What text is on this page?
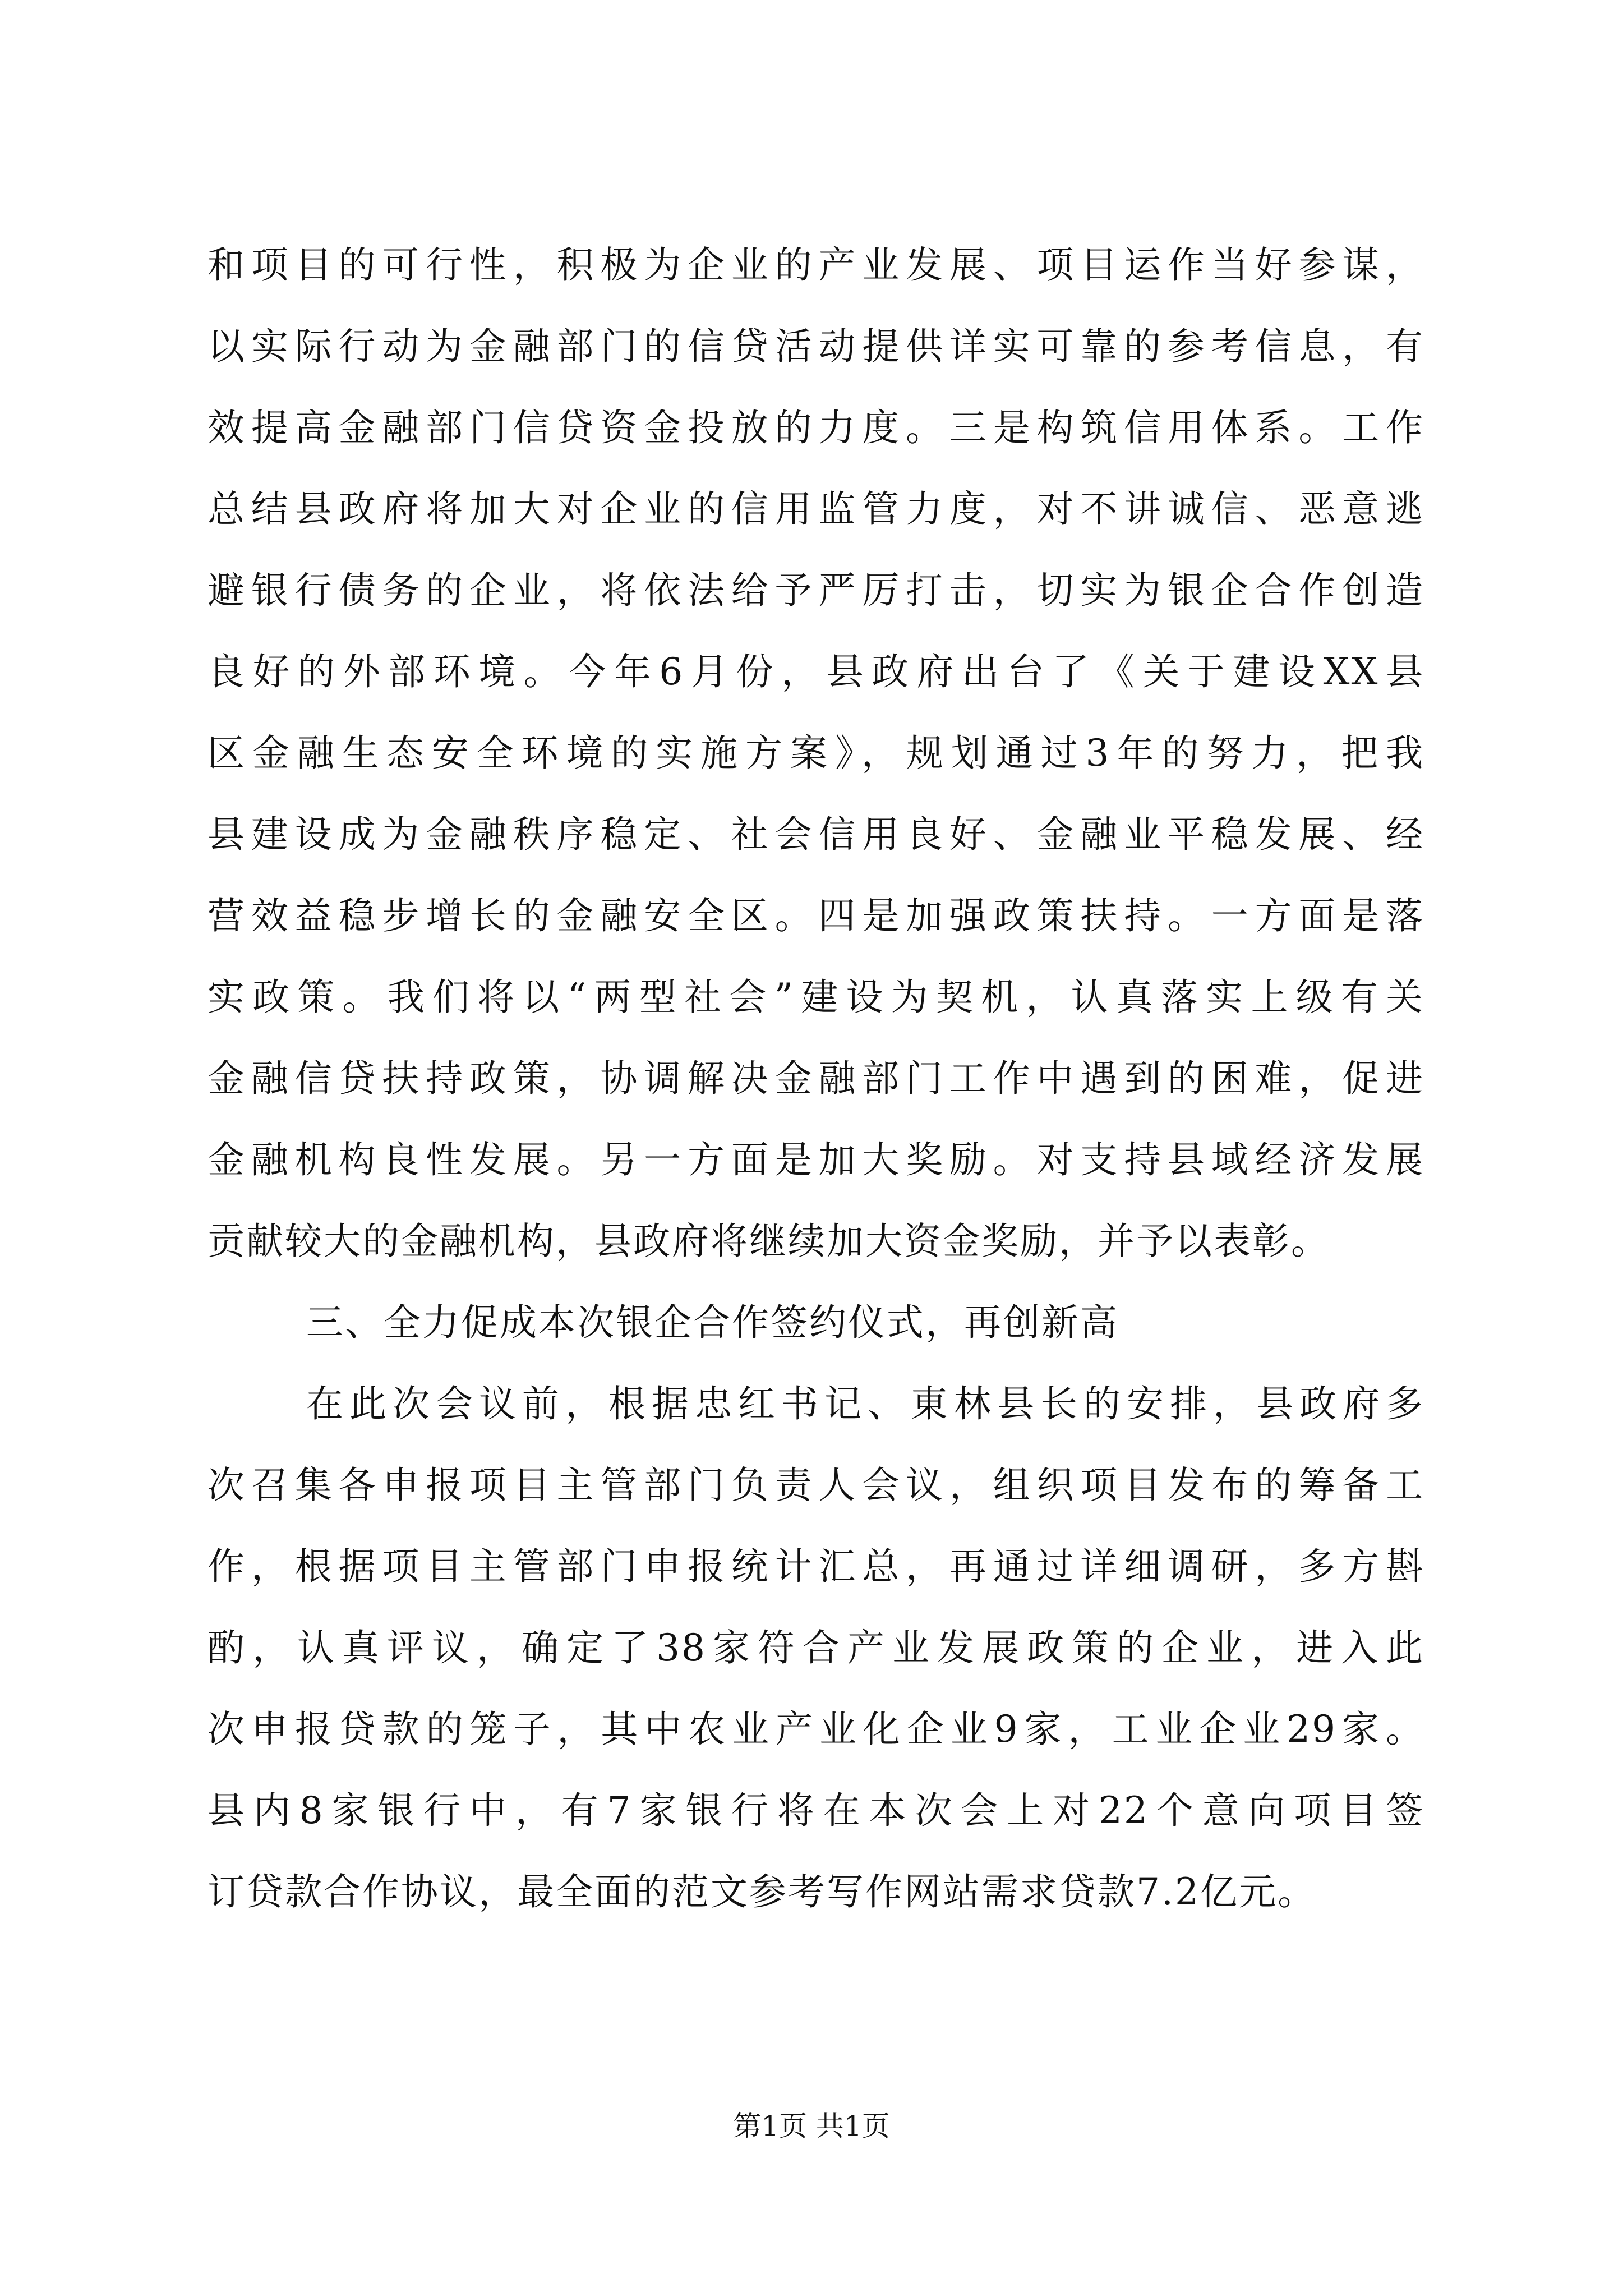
和项目的可行性，积极为企业的产业发展、项目运作当好参谋，
以实际行动为金融部门的信贷活动提供详实可靠的参考信息，有
效提高金融部门信贷资金投放的力度。三是构筑信用体系。工作
总结县政府将加大对企业的信用监管力度，对不讲诚信、恶意逃
避银行债务的企业，将依法给予严厉打击，切实为银企合作创造
良好的外部环境。今年6月份，县政府出台了《关于建设XX县
区金融生态安全环境的实施方案》，规划通过3年的努力，把我
县建设成为金融秩序稳定、社会信用良好、金融业平稳发展、经
营效益稳步增长的金融安全区。四是加强政策扶持。一方面是落
实政策。我们将以“两型社会”建设为契机，认真落实上级有关
金融信贷扶持政策，协调解决金融部门工作中遇到的困难，促进
金融机构良性发展。另一方面是加大奖励。对支持县域经济发展
贡献较大的金融机构，县政府将继续加大资金奖励，并予以表彰。
三、全力促成本次银企合作签约仪式，再创新高
在此次会议前，根据忠红书记、東林县长的安排，县政府多
次召集各申报项目主管部门负责人会议，组织项目发布的筹备工
作，根据项目主管部门申报统计汇总，再通过详细调研，多方斟
酌，认真评议，确定了38家符合产业发展政策的企业，进入此
次申报贷款的笼子，其中农业产业化企业9家，工业企业29家。
县内8家银行中，有7家银行将在本次会上对22个意向项目签
订贷款合作协议，最全面的范文参考写作网站需求贷款7.2亿元。
第1页 共1页
